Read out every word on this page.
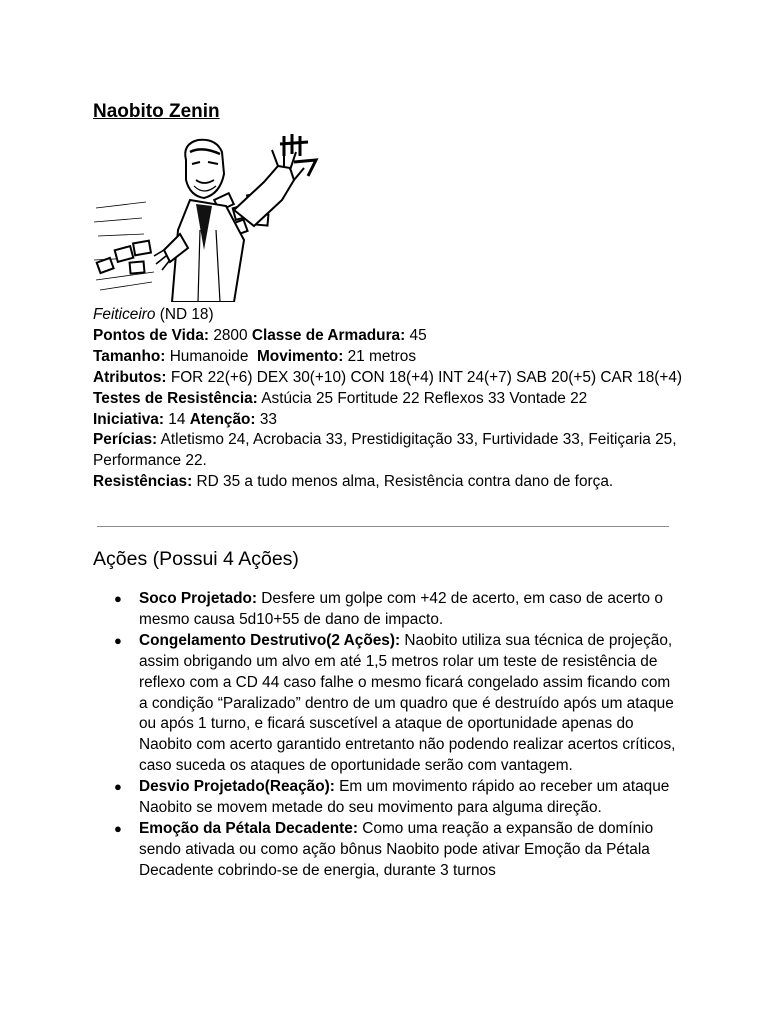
Naobito Zenin

Feiticeiro (ND 18)

Pontos de Vida: 2800 Classe de Armadura: 45

Tamanho: Humanoide Movimento: 21 metros

Atributos: FOR 22(+6) DEX 30(+10) CON 18(+4) INT 24(+7) SAB 20(+5) CAR 18(+4)

Testes de Resistência: Astúcia 25 Fortitude 22 Reflexos 33 Vontade 22

Iniciativa: 14 Atenção: 33

Perícias: Atletismo 24, Acrobacia 33, Prestidigitação 33, Furtividade 33, Feitiçaria 25, Performance 22.

Resistências: RD 35 a tudo menos alma, Resistência contra dano de força.

Ações (Possui 4 Ações)
● Soco Projetado: Desfere um golpe com +42 de acerto, em caso de acerto o mesmo causa 5d10+55 de dano de impacto.
● Congelamento Destrutivo(2 Ações): Naobito utiliza sua técnica de projeção, assim obrigando um alvo em até 1,5 metros rolar um teste de resistência de reflexo com a CD 44 caso falhe o mesmo ficará congelado assim ficando com a condição “Paralizado” dentro de um quadro que é destruído após um ataque ou após 1 turno, e ficará suscetível a ataque de oportunidade apenas do Naobito com acerto garantido entretanto não podendo realizar acertos críticos, caso suceda os ataques de oportunidade serão com vantagem.
● Desvio Projetado(Reação): Em um movimento rápido ao receber um ataque Naobito se movem metade do seu movimento para alguma direção.
● Emoção da Pétala Decadente: Como uma reação a expansão de domínio sendo ativada ou como ação bônus Naobito pode ativar Emoção da Pétala Decadente cobrindo-se de energia, durante 3 turnos
